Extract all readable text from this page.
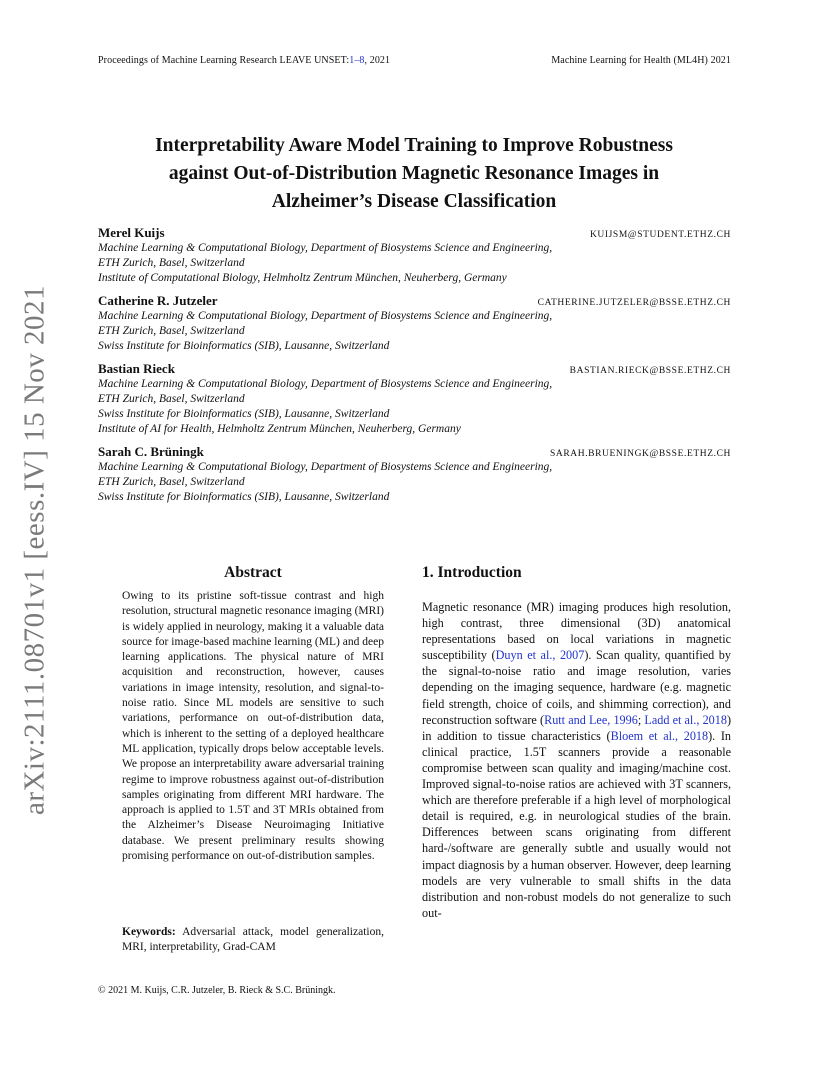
Proceedings of Machine Learning Research LEAVE UNSET:1–8, 2021	Machine Learning for Health (ML4H) 2021
arXiv:2111.08701v1 [eess.IV] 15 Nov 2021
Interpretability Aware Model Training to Improve Robustness
against Out-of-Distribution Magnetic Resonance Images in
Alzheimer’s Disease Classification
Merel Kuijs	KUIJSM@STUDENT.ETHZ.CH
Machine Learning & Computational Biology, Department of Biosystems Science and Engineering,
ETH Zurich, Basel, Switzerland
Institute of Computational Biology, Helmholtz Zentrum München, Neuherberg, Germany
Catherine R. Jutzeler	CATHERINE.JUTZELER@BSSE.ETHZ.CH
Machine Learning & Computational Biology, Department of Biosystems Science and Engineering,
ETH Zurich, Basel, Switzerland
Swiss Institute for Bioinformatics (SIB), Lausanne, Switzerland
Bastian Rieck	BASTIAN.RIECK@BSSE.ETHZ.CH
Machine Learning & Computational Biology, Department of Biosystems Science and Engineering,
ETH Zurich, Basel, Switzerland
Swiss Institute for Bioinformatics (SIB), Lausanne, Switzerland
Institute of AI for Health, Helmholtz Zentrum München, Neuherberg, Germany
Sarah C. Brüningk	SARAH.BRUENINGK@BSSE.ETHZ.CH
Machine Learning & Computational Biology, Department of Biosystems Science and Engineering,
ETH Zurich, Basel, Switzerland
Swiss Institute for Bioinformatics (SIB), Lausanne, Switzerland
Abstract

Owing to its pristine soft-tissue contrast and high resolution, structural magnetic resonance imaging (MRI) is widely applied in neurology, making it a valuable data source for image-based machine learning (ML) and deep learning applications. The physical nature of MRI acquisition and reconstruction, however, causes variations in image intensity, resolution, and signal-to-noise ratio. Since ML models are sensitive to such variations, performance on out-of-distribution data, which is inherent to the setting of a deployed healthcare ML application, typically drops below acceptable levels. We propose an interpretability aware adversarial training regime to improve robustness against out-of-distribution samples originating from different MRI hardware. The approach is applied to 1.5T and 3T MRIs obtained from the Alzheimer’s Disease Neuroimaging Initiative database. We present preliminary results showing promising performance on out-of-distribution samples.

Keywords: Adversarial attack, model generalization, MRI, interpretability, Grad-CAM

1. Introduction

Magnetic resonance (MR) imaging produces high resolution, high contrast, three dimensional (3D) anatomical representations based on local variations in magnetic susceptibility (Duyn et al., 2007). Scan quality, quantified by the signal-to-noise ratio and image resolution, varies depending on the imaging sequence, hardware (e.g. magnetic field strength, choice of coils, and shimming correction), and reconstruction software (Rutt and Lee, 1996; Ladd et al., 2018) in addition to tissue characteristics (Bloem et al., 2018). In clinical practice, 1.5T scanners provide a reasonable compromise between scan quality and imaging/machine cost. Improved signal-to-noise ratios are achieved with 3T scanners, which are therefore preferable if a high level of morphological detail is required, e.g. in neurological studies of the brain. Differences between scans originating from different hard-/software are generally subtle and usually would not impact diagnosis by a human observer. However, deep learning models are very vulnerable to small shifts in the data distribution and non-robust models do not generalize to such out-

© 2021 M. Kuijs, C.R. Jutzeler, B. Rieck & S.C. Brüningk.
